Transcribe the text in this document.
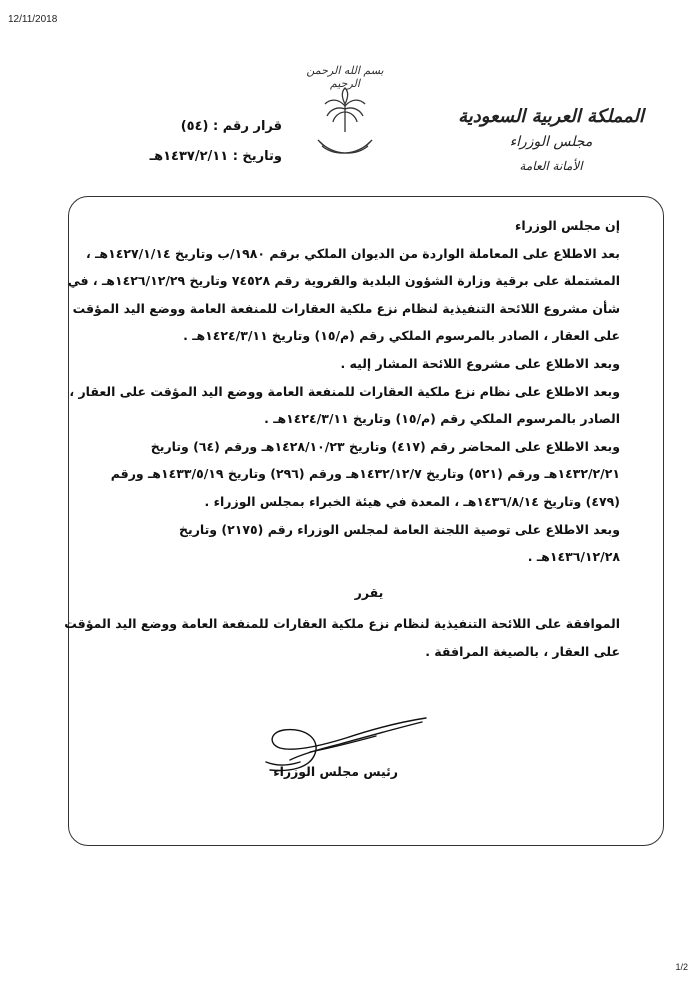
12/11/2018
بسم الله الرحمن الرحيم
المملكة العربية السعودية
مجلس الوزراء
الأمانة العامة
قرار رقم : (٥٤)
وتاريخ : ١٤٣٧/٢/١١هـ
إن مجلس الوزراء
بعد الاطلاع على المعاملة الواردة من الديوان الملكي برقم ١٩٨٠/ب وتاريخ ١٤٢٧/١/١٤هـ ،
المشتملة على برقية وزارة الشؤون البلدية والقروية رقم ٧٤٥٢٨ وتاريخ ١٤٢٦/١٢/٢٩هـ ، في
شأن مشروع اللائحة التنفيذية لنظام نزع ملكية العقارات للمنفعة العامة ووضع اليد المؤقت
على العقار ، الصادر بالمرسوم الملكي رقم (م/١٥) وتاريخ ١٤٢٤/٣/١١هـ .
وبعد الاطلاع على مشروع اللائحة المشار إليه .
وبعد الاطلاع على نظام نزع ملكية العقارات للمنفعة العامة ووضع اليد المؤقت على العقار ،
الصادر بالمرسوم الملكي رقم (م/١٥) وتاريخ ١٤٢٤/٣/١١هـ .
وبعد الاطلاع على المحاضر رقم (٤١٧) وتاريخ ١٤٢٨/١٠/٢٣هـ ورقم (٦٤) وتاريخ
١٤٣٢/٢/٢١هـ ورقم (٥٢١) وتاريخ ١٤٣٢/١٢/٧هـ ورقم (٢٩٦) وتاريخ ١٤٣٣/٥/١٩هـ ورقم
(٤٧٩) وتاريخ ١٤٣٦/٨/١٤هـ ، المعدة في هيئة الخبراء بمجلس الوزراء .
وبعد الاطلاع على توصية اللجنة العامة لمجلس الوزراء رقم (٢١٧٥) وتاريخ
١٤٣٦/١٢/٢٨هـ .
يقرر
الموافقة على اللائحة التنفيذية لنظام نزع ملكية العقارات للمنفعة العامة ووضع اليد المؤقت
على العقار ، بالصيغة المرافقة .
رئيس مجلس الوزراء
1/2
